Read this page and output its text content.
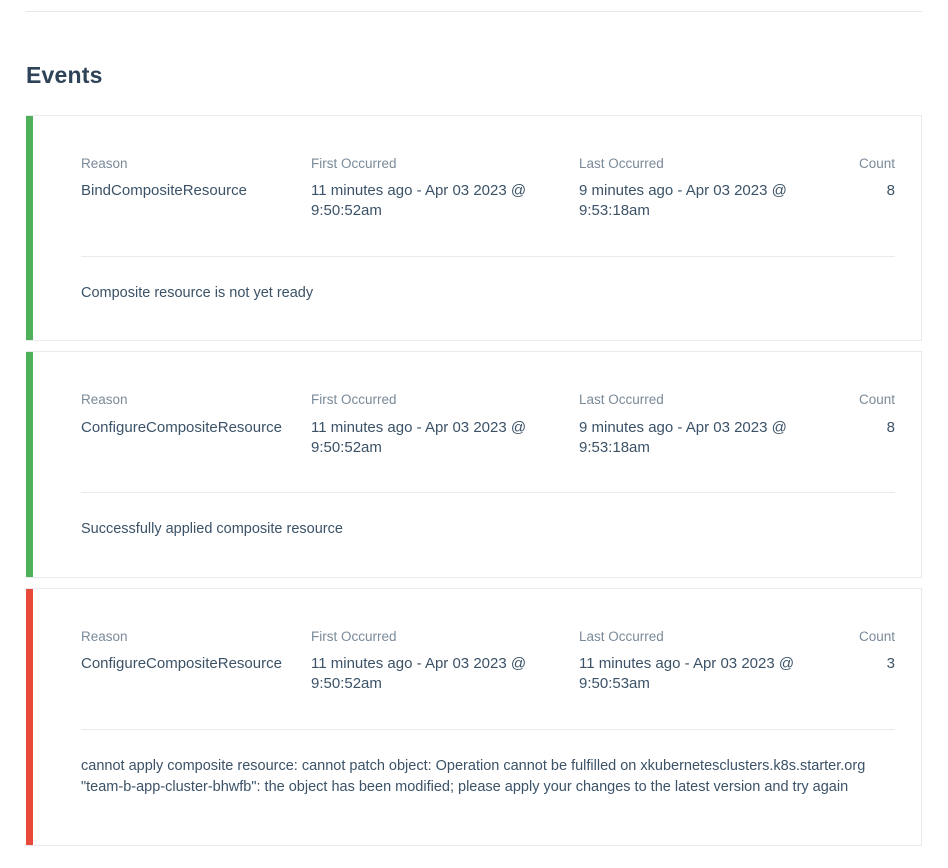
Events
Reason
BindCompositeResource
First Occurred
11 minutes ago - Apr 03 2023 @ 9:50:52am
Last Occurred
9 minutes ago - Apr 03 2023 @ 9:53:18am
Count
8
Composite resource is not yet ready
Reason
ConfigureCompositeResource
First Occurred
11 minutes ago - Apr 03 2023 @ 9:50:52am
Last Occurred
9 minutes ago - Apr 03 2023 @ 9:53:18am
Count
8
Successfully applied composite resource
Reason
ConfigureCompositeResource
First Occurred
11 minutes ago - Apr 03 2023 @ 9:50:52am
Last Occurred
11 minutes ago - Apr 03 2023 @ 9:50:53am
Count
3
cannot apply composite resource: cannot patch object: Operation cannot be fulfilled on xkubernetesclusters.k8s.starter.org "team-b-app-cluster-bhwfb": the object has been modified; please apply your changes to the latest version and try again
